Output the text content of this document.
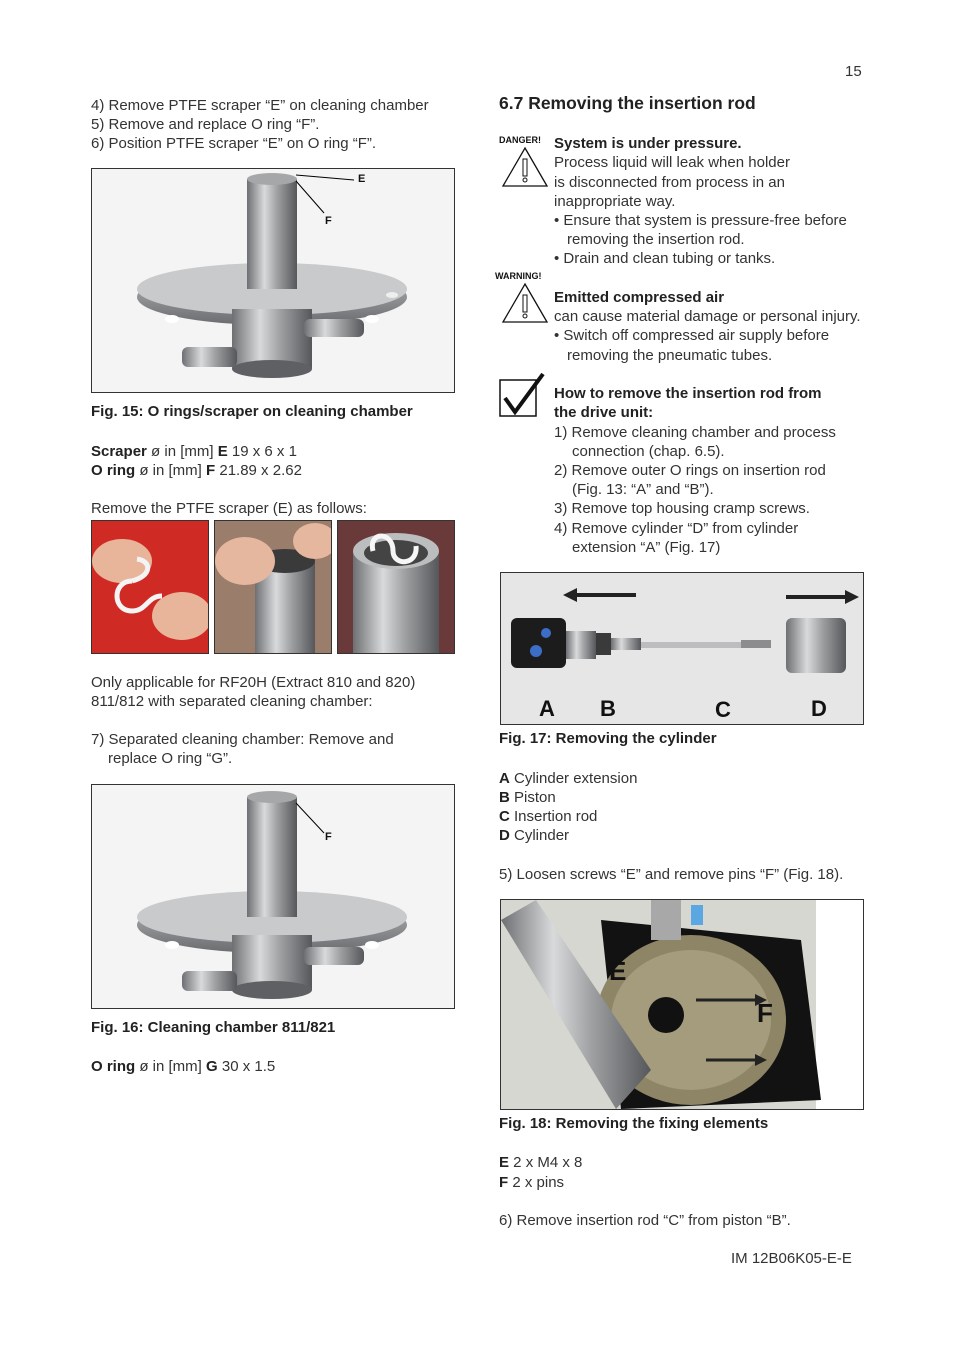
15
4) Remove PTFE scraper “E” on cleaning chamber
5) Remove and replace O ring “F”.
6) Position PTFE scraper “E” on O ring “F”.
E
F
Fig. 15: O rings/scraper on cleaning chamber
Scraper ø in [mm] E 19 x 6 x 1
O ring ø in [mm] F 21.89 x 2.62
Remove the PTFE scraper (E) as follows:
Only applicable for RF20H (Extract 810 and 820)
811/812 with separated cleaning chamber:
7) Separated cleaning chamber: Remove and
replace O ring “G”.
F
Fig. 16: Cleaning chamber 811/821
O ring ø in [mm] G 30 x 1.5
6.7 Removing the insertion rod
DANGER! System is under pressure.
Process liquid will leak when holder
is disconnected from process in an
inappropriate way.
• Ensure that system is pressure-free before
removing the insertion rod.
• Drain and clean tubing or tanks.
WARNING!
Emitted compressed air
can cause material damage or personal injury.
• Switch off compressed air supply before
removing the pneumatic tubes.
How to remove the insertion rod from
the drive unit:
1) Remove cleaning chamber and process
connection (chap. 6.5).
2) Remove outer O rings on insertion rod
(Fig. 13: “A” and “B”).
3) Remove top housing cramp screws.
4) Remove cylinder “D” from cylinder
extension “A” (Fig. 17)
A B	C	D
Fig. 17: Removing the cylinder
A Cylinder extension
B Piston
C Insertion rod
D Cylinder
5) Loosen screws “E” and remove pins “F” (Fig. 18).
E
F
Fig. 18: Removing the fixing elements
E 2 x M4 x 8
F 2 x pins
6) Remove insertion rod “C” from piston “B”.
IM 12B06K05-E-E
